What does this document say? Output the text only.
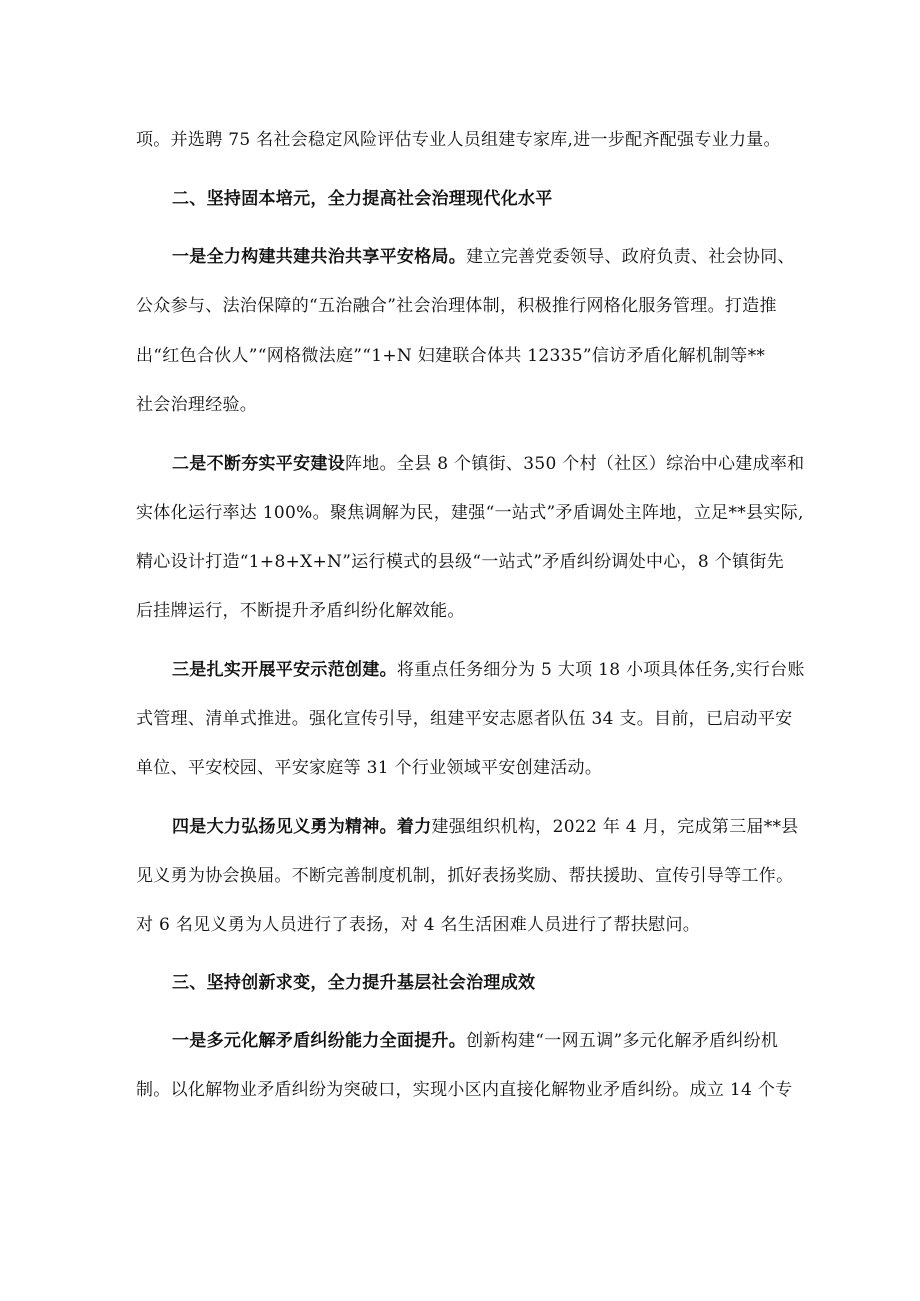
项。并选聘 75 名社会稳定风险评估专业人员组建专家库,进一步配齐配强专业力量。
二、坚持固本培元，全力提高社会治理现代化水平
一是全力构建共建共治共享平安格局。建立完善党委领导、政府负责、社会协同、
公众参与、法治保障的“五治融合”社会治理体制，积极推行网格化服务管理。打造推
出“红色合伙人”“网格微法庭”“1+N 妇建联合体共 12335”信访矛盾化解机制等**
社会治理经验。
二是不断夯实平安建设阵地。全县 8 个镇街、350 个村（社区）综治中心建成率和
实体化运行率达 100%。聚焦调解为民，建强“一站式”矛盾调处主阵地，立足**县实际,
精心设计打造“1+8+X+N”运行模式的县级“一站式”矛盾纠纷调处中心，8 个镇街先
后挂牌运行，不断提升矛盾纠纷化解效能。
三是扎实开展平安示范创建。将重点任务细分为 5 大项 18 小项具体任务,实行台账
式管理、清单式推进。强化宣传引导，组建平安志愿者队伍 34 支。目前，已启动平安
单位、平安校园、平安家庭等 31 个行业领域平安创建活动。
四是大力弘扬见义勇为精神。着力建强组织机构，2022 年 4 月，完成第三届**县
见义勇为协会换届。不断完善制度机制，抓好表扬奖励、帮扶援助、宣传引导等工作。
对 6 名见义勇为人员进行了表扬，对 4 名生活困难人员进行了帮扶慰问。
三、坚持创新求变，全力提升基层社会治理成效
一是多元化解矛盾纠纷能力全面提升。创新构建“一网五调”多元化解矛盾纠纷机
制。以化解物业矛盾纠纷为突破口，实现小区内直接化解物业矛盾纠纷。成立 14 个专
